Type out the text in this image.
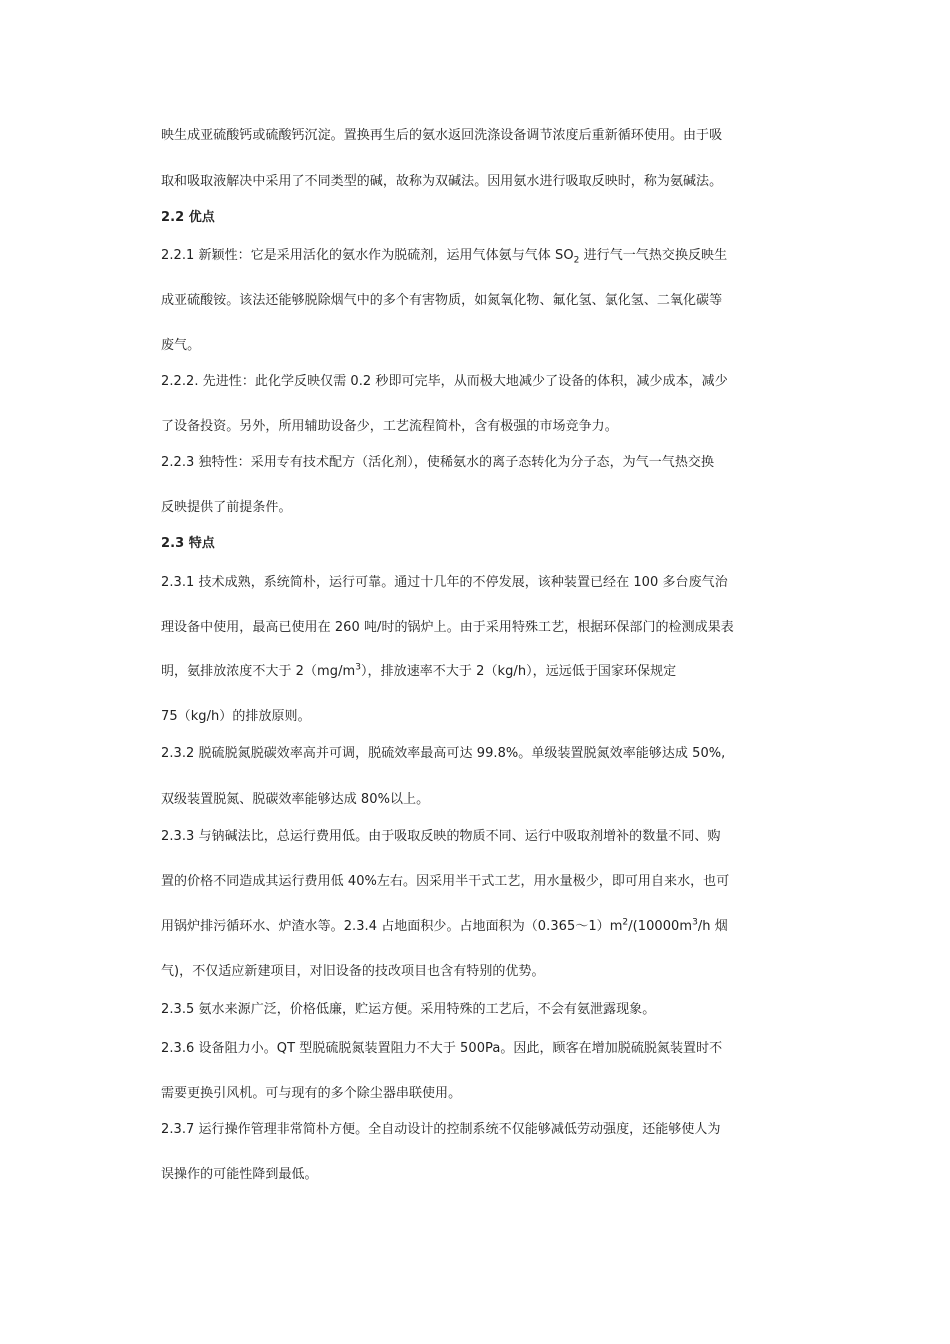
映生成亚硫酸钙或硫酸钙沉淀。置换再生后的氨水返回洗涤设备调节浓度后重新循环使用。由于吸
取和吸取液解决中采用了不同类型的碱，故称为双碱法。因用氨水进行吸取反映时，称为氨碱法。
2.2 优点
2.2.1 新颖性：它是采用活化的氨水作为脱硫剂，运用气体氨与气体 $SO_2$ 进行气一气热交换反映生
成亚硫酸铵。该法还能够脱除烟气中的多个有害物质，如氮氧化物、氟化氢、氯化氢、二氧化碳等
废气。
2.2.2. 先进性：此化学反映仅需 0.2 秒即可完毕，从而极大地减少了设备的体积，减少成本，减少
了设备投资。另外，所用辅助设备少，工艺流程简朴，含有极强的市场竞争力。
2.2.3 独特性：采用专有技术配方（活化剂），使稀氨水的离子态转化为分子态，为气一气热交换
反映提供了前提条件。
2.3 特点
2.3.1 技术成熟，系统简朴，运行可靠。通过十几年的不停发展，该种装置已经在 100 多台废气治
理设备中使用，最高已使用在 260 吨/时的锅炉上。由于采用特殊工艺，根据环保部门的检测成果表
明，氨排放浓度不大于 $2(mg/m^3)$，排放速率不大于 2（kg/h），远远低于国家环保规定
75（kg/h）的排放原则。
2.3.2 脱硫脱氮脱碳效率高并可调，脱硫效率最高可达 99.8%。单级装置脱氮效率能够达成 50%,
双级装置脱氮、脱碳效率能够达成 80%以上。
2.3.3 与钠碱法比，总运行费用低。由于吸取反映的物质不同、运行中吸取剂增补的数量不同、购
置的价格不同造成其运行费用低 40%左右。因采用半干式工艺，用水量极少，即可用自来水，也可
用锅炉排污循环水、炉渣水等。2.3.4 占地面积少。占地面积为$(0.365\sim 1)m^2/(10000m^3/h$ 烟
气)，不仅适应新建项目，对旧设备的技改项目也含有特别的优势。
2.3.5 氨水来源广泛，价格低廉，贮运方便。采用特殊的工艺后，不会有氨泄露现象。
2.3.6 设备阻力小。QT 型脱硫脱氮装置阻力不大于 500Pa。因此，顾客在增加脱硫脱氮装置时不
需要更换引风机。可与现有的多个除尘器串联使用。
2.3.7 运行操作管理非常简朴方便。全自动设计的控制系统不仅能够减低劳动强度，还能够使人为
误操作的可能性降到最低。
